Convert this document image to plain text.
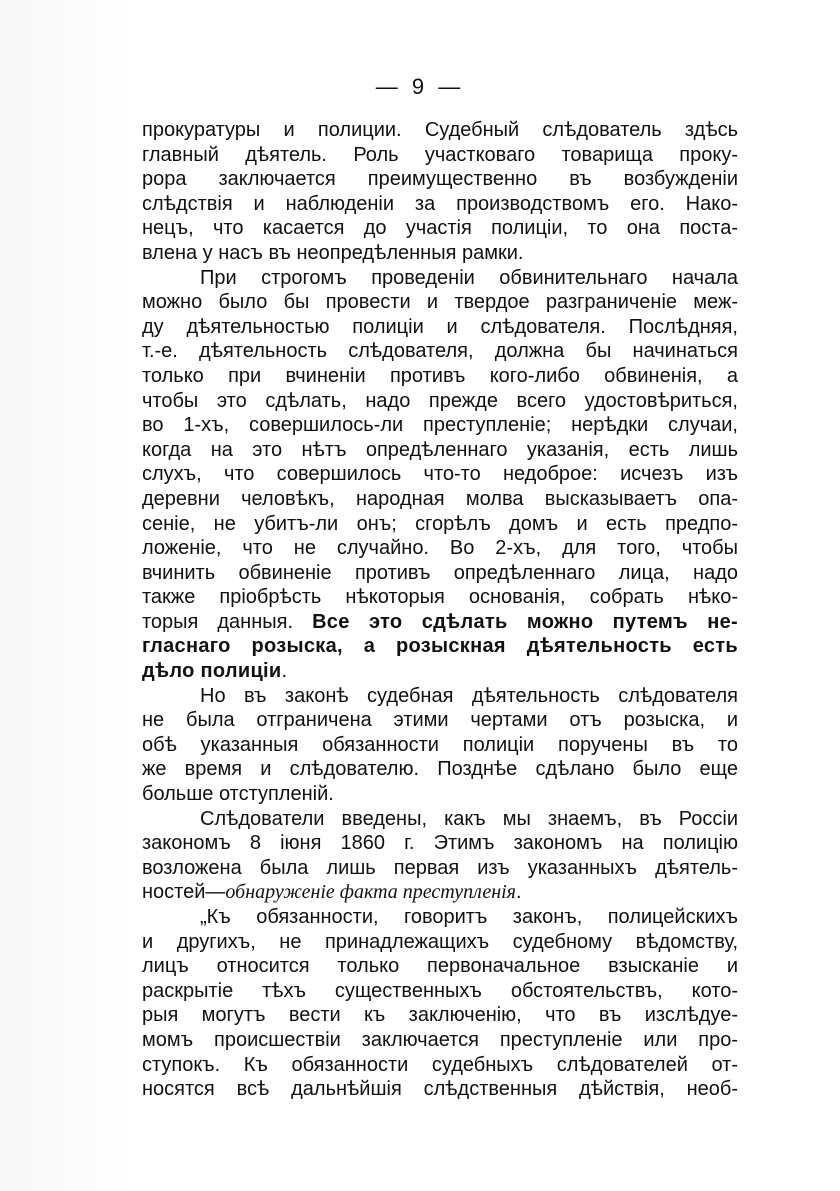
— 9 —
прокуратуры и полиции. Судебный слѣдователь здѣсь
главный дѣятель. Роль участковаго товарища проку-
рора заключается преимущественно въ возбужденіи
слѣдствія и наблюденіи за производствомъ его. Нако-
нецъ, что касается до участія полиціи, то она поста-
влена у насъ въ неопредѣленныя рамки.
При строгомъ проведеніи обвинительнаго начала
можно было бы провести и твердое разграниченіе меж-
ду дѣятельностью полиціи и слѣдователя. Послѣдняя,
т.-е. дѣятельность слѣдователя, должна бы начинаться
только при вчиненіи противъ кого-либо обвиненія, а
чтобы это сдѣлать, надо прежде всего удостовѣриться,
во 1-хъ, совершилось-ли преступленіе; нерѣдки случаи,
когда на это нѣтъ опредѣленнаго указанія, есть лишь
слухъ, что совершилось что-то недоброе: исчезъ изъ
деревни человѣкъ, народная молва высказываетъ опа-
сеніе, не убитъ-ли онъ; сгорѣлъ домъ и есть предпо-
ложеніе, что не случайно. Во 2-хъ, для того, чтобы
вчинить обвиненіе противъ опредѣленнаго лица, надо
также пріобрѣсть нѣкоторыя основанія, собрать нѣко-
торыя данныя. Все это сдѣлать можно путемъ не-
гласнаго розыска, а розыскная дѣятельность есть
дѣло полиціи.
Но въ законѣ судебная дѣятельность слѣдователя
не была отграничена этими чертами отъ розыска, и
обѣ указанныя обязанности полиціи поручены въ то
же время и слѣдователю. Позднѣе сдѣлано было еще
больше отступленій.
Слѣдователи введены, какъ мы знаемъ, въ Россіи
закономъ 8 іюня 1860 г. Этимъ закономъ на полицію
возложена была лишь первая изъ указанныхъ дѣятель-
ностей—обнаруженіе факта преступленія.
„Къ обязанности, говоритъ законъ, полицейскихъ
и другихъ, не принадлежащихъ судебному вѣдомству,
лицъ относится только первоначальное взысканіе и
раскрытіе тѣхъ существенныхъ обстоятельствъ, кото-
рыя могутъ вести къ заключенію, что въ изслѣдуе-
момъ происшествіи заключается преступленіе или про-
ступокъ. Къ обязанности судебныхъ слѣдователей от-
носятся всѣ дальнѣйшія слѣдственныя дѣйствія, необ-
